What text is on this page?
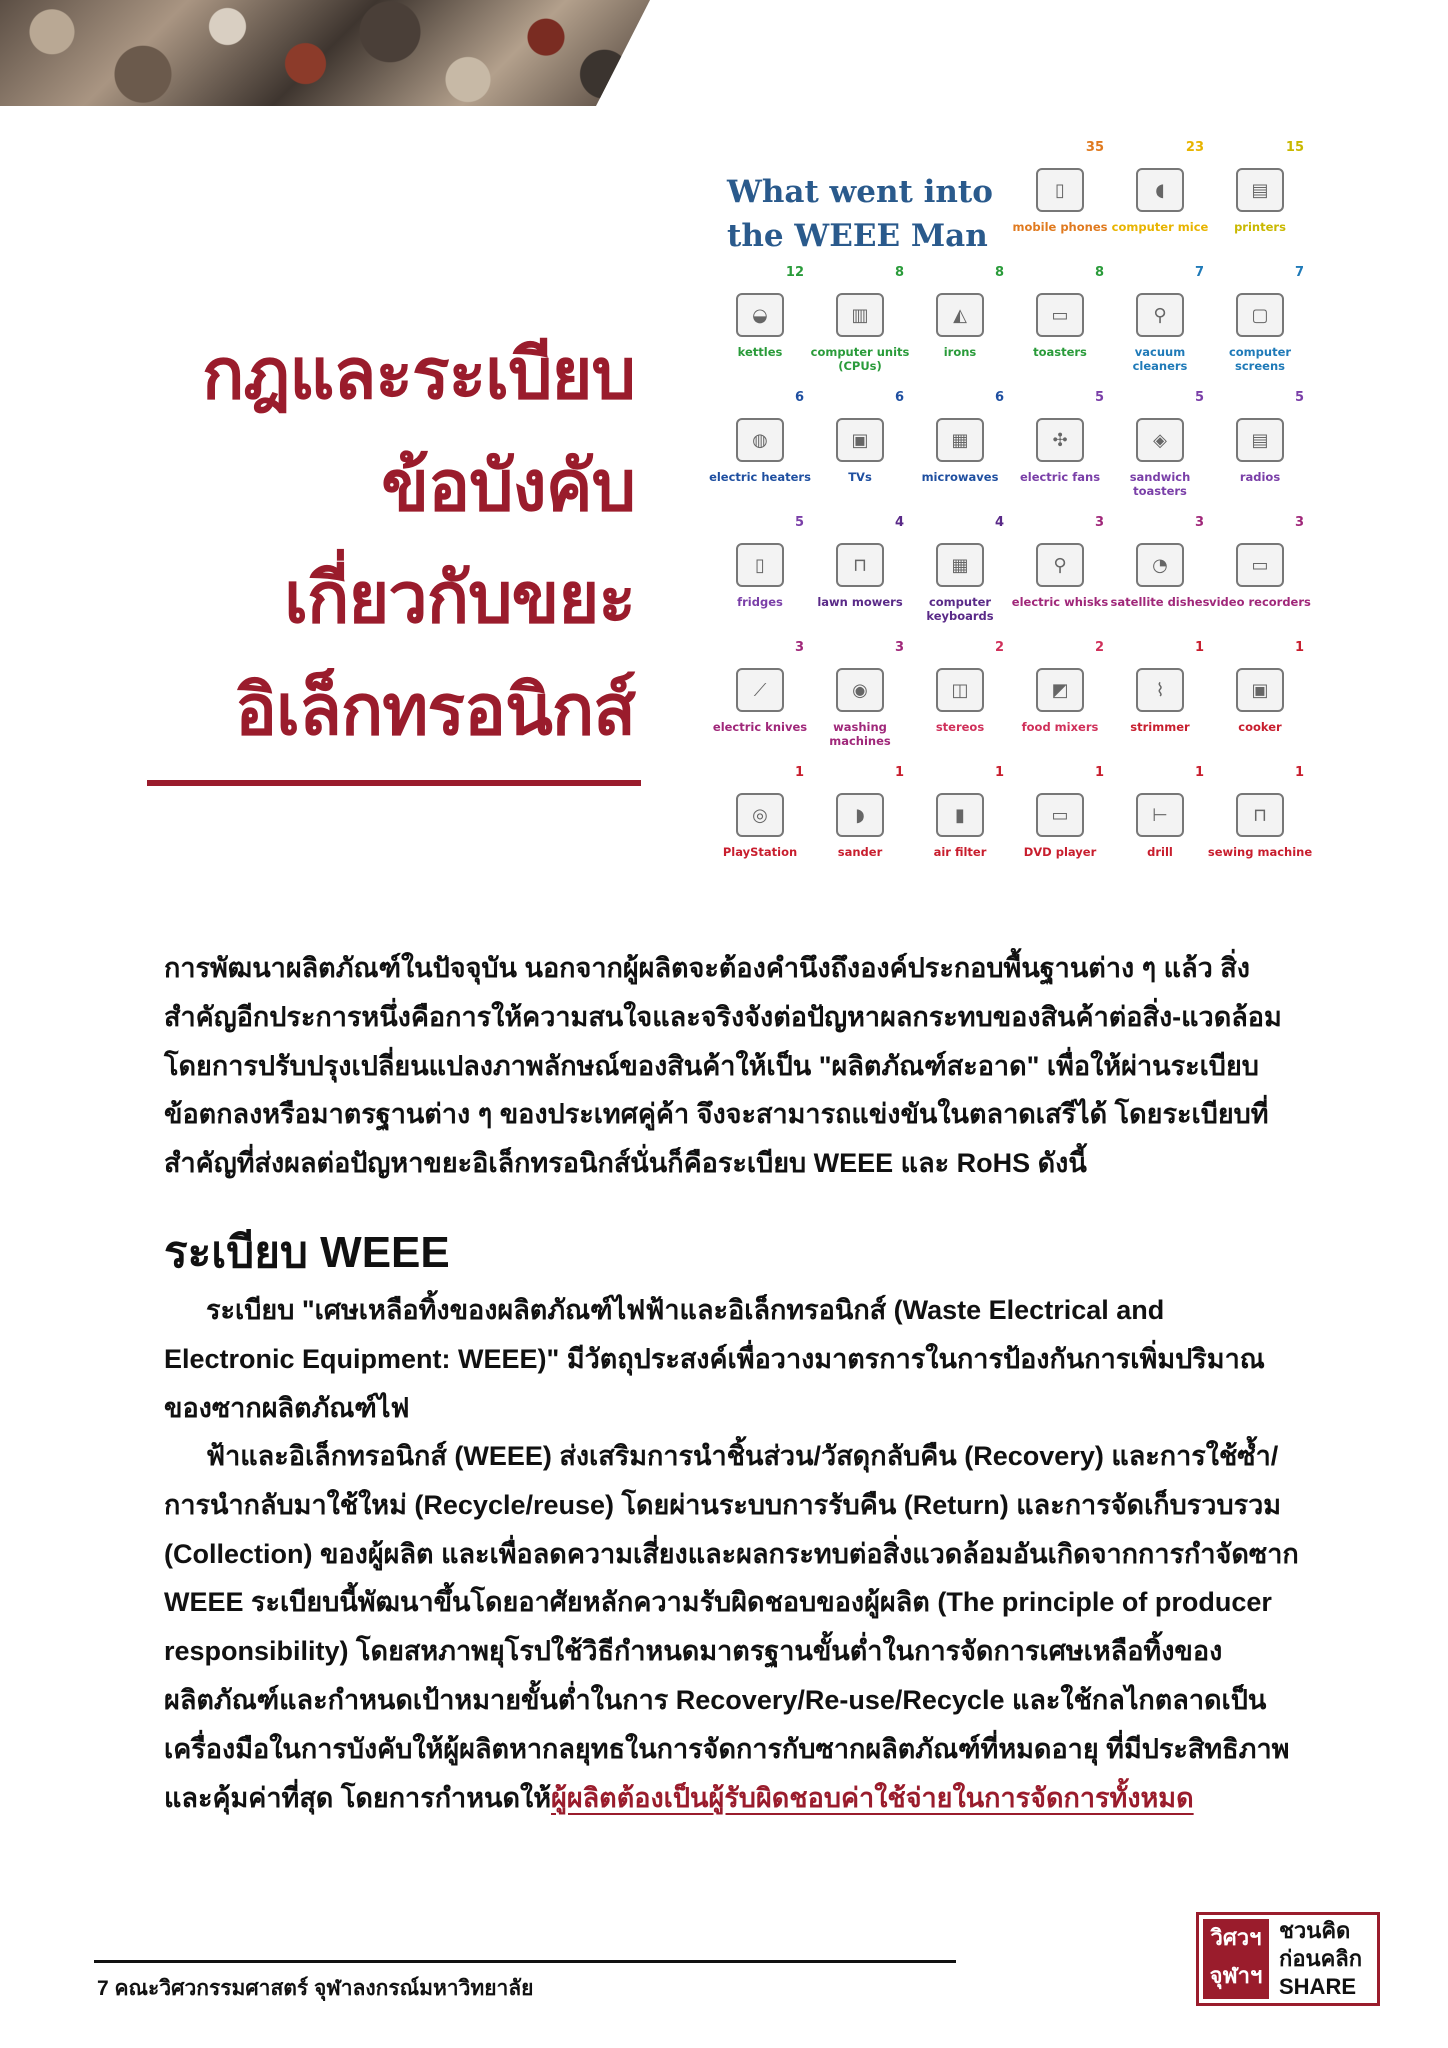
กฎและระเบียบ
ข้อบังคับ
เกี่ยวกับขยะ
อิเล็กทรอนิกส์
What went into the WEEE Man
35
▯
mobile phones
23
◖
computer mice
15
▤
printers
12
◒
kettles
8
▥
computer units (CPUs)
8
◭
irons
8
▭
toasters
7
⚲
vacuum cleaners
7
▢
computer screens
6
◍
electric heaters
6
▣
TVs
6
▦
microwaves
5
✣
electric fans
5
◈
sandwich toasters
5
▤
radios
5
▯
fridges
4
⊓
lawn mowers
4
▦
computer keyboards
3
⚲
electric whisks
3
◔
satellite dishes
3
▭
video recorders
3
⟋
electric knives
3
◉
washing machines
2
◫
stereos
2
◩
food mixers
1
⌇
strimmer
1
▣
cooker
1
◎
PlayStation
1
◗
sander
1
▮
air filter
1
▭
DVD player
1
⊢
drill
1
⊓
sewing machine

การพัฒนาผลิตภัณฑ์ในปัจจุบัน นอกจากผู้ผลิตจะต้องคำนึงถึงองค์ประกอบพื้นฐานต่าง ๆ แล้ว สิ่งสำคัญอีกประการหนึ่งคือการให้ความสนใจและจริงจังต่อปัญหาผลกระทบของสินค้าต่อสิ่ง-แวดล้อม โดยการปรับปรุงเปลี่ยนแปลงภาพลักษณ์ของสินค้าให้เป็น "ผลิตภัณฑ์สะอาด" เพื่อให้ผ่านระเบียบ ข้อตกลงหรือมาตรฐานต่าง ๆ ของประเทศคู่ค้า จึงจะสามารถแข่งขันในตลาดเสรีได้ โดยระเบียบที่สำคัญที่ส่งผลต่อปัญหาขยะอิเล็กทรอนิกส์นั่นก็คือระเบียบ WEEE และ RoHS ดังนี้

ระเบียบ WEEE

ระเบียบ "เศษเหลือทิ้งของผลิตภัณฑ์ไฟฟ้าและอิเล็กทรอนิกส์ (Waste Electrical and Electronic Equipment: WEEE)" มีวัตถุประสงค์เพื่อวางมาตรการในการป้องกันการเพิ่มปริมาณของซากผลิตภัณฑ์ไฟ

ฟ้าและอิเล็กทรอนิกส์ (WEEE) ส่งเสริมการนำชิ้นส่วน/วัสดุกลับคืน (Recovery) และการใช้ซ้ำ/การนำกลับมาใช้ใหม่ (Recycle/reuse) โดยผ่านระบบการรับคืน (Return) และการจัดเก็บรวบรวม (Collection) ของผู้ผลิต และเพื่อลดความเสี่ยงและผลกระทบต่อสิ่งแวดล้อมอันเกิดจากการกำจัดซาก WEEE ระเบียบนี้พัฒนาขึ้นโดยอาศัยหลักความรับผิดชอบของผู้ผลิต (The principle of producer responsibility) โดยสหภาพยุโรปใช้วิธีกำหนดมาตรฐานขั้นต่ำในการจัดการเศษเหลือทิ้งของผลิตภัณฑ์และกำหนดเป้าหมายขั้นต่ำในการ Recovery/Re-use/Recycle และใช้กลไกตลาดเป็นเครื่องมือในการบังคับให้ผู้ผลิตหากลยุทธในการจัดการกับซากผลิตภัณฑ์ที่หมดอายุ ที่มีประสิทธิภาพและคุ้มค่าที่สุด โดยการกำหนดให้ผู้ผลิตต้องเป็นผู้รับผิดชอบค่าใช้จ่ายในการจัดการทั้งหมด

7 คณะวิศวกรรมศาสตร์ จุฬาลงกรณ์มหาวิทยาลัย
วิศวฯ
จุฬาฯ
ชวนคิด
ก่อนคลิก
SHARE
